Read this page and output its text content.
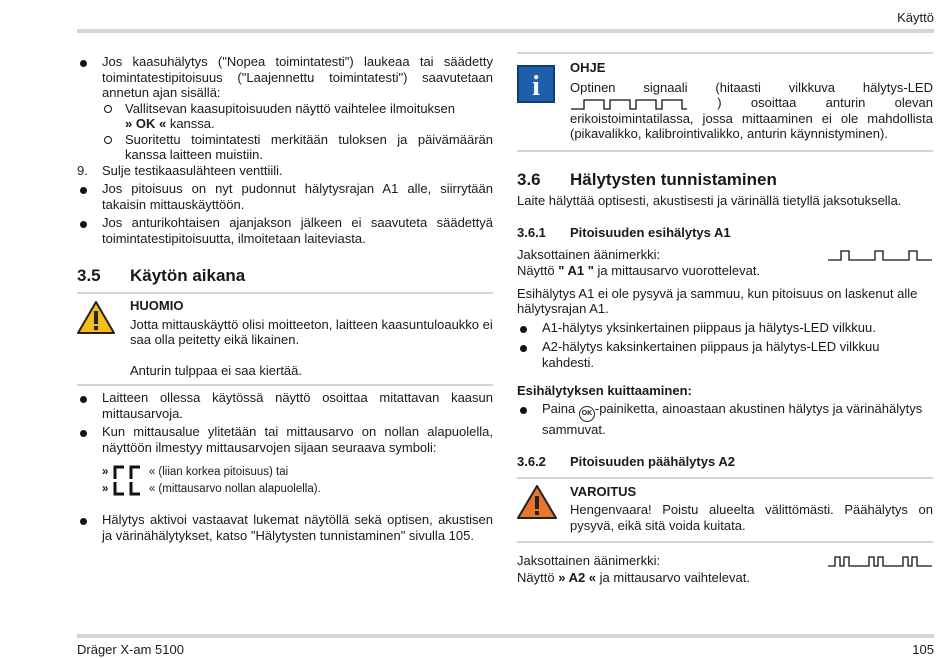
Käyttö
Jos kaasuhälytys ("Nopea toimintatesti") laukeaa tai säädetty toimintatestipitoisuus ("Laajennettu toimintatesti") saavutetaan annetun ajan sisällä:
Vallitsevan kaasupitoisuuden näyttö vaihtelee ilmoituksen
» OK « kanssa.
Suoritettu toimintatesti merkitään tuloksen ja päivämäärän kanssa laitteen muistiin.
9. Sulje testikaasulähteen venttiili.
Jos pitoisuus on nyt pudonnut hälytysrajan A1 alle, siirrytään takaisin mittauskäyttöön.
Jos anturikohtaisen ajanjakson jälkeen ei saavuteta säädettyä toimintatestipitoisuutta, ilmoitetaan laiteviasta.
3.5 Käytön aikana

HUOMIO

Jotta mittauskäyttö olisi moitteeton, laitteen kaasuntuloaukko ei saa olla peitetty eikä likainen.

Anturin tulppaa ei saa kiertää.

Laitteen ollessa käytössä näyttö osoittaa mitattavan kaasun mittausarvoja.
Kun mittausalue ylitetään tai mittausarvo on nollan alapuolella, näyttöön ilmestyy mittausarvojen sijaan seuraava symboli:
»	« (liian korkea pitoisuus) tai
»	« (mittausarvo nollan alapuolella).
Hälytys aktivoi vastaavat lukemat näytöllä sekä optisen, akustisen ja värinähälytykset, katso "Hälytysten tunnistaminen" sivulla 105.
i

OHJE

Optinen signaali (hitaasti vilkkuva hälytys-LED  ) osoittaa anturin olevan erikoistoimintatilassa, jossa mittaaminen ei ole mahdollista (pikavalikko, kalibrointivalikko, anturin käynnistyminen).

3.6 Hälytysten tunnistaminen

Laite hälyttää optisesti, akustisesti ja värinällä tietyllä jaksotuksella.

3.6.1 Pitoisuuden esihälytys A1
Jaksottainen äänimerkki:

Näyttö " A1 " ja mittausarvo vuorottelevat.

Esihälytys A1 ei ole pysyvä ja sammuu, kun pitoisuus on laskenut alle hälytysrajan A1.

A1-hälytys yksinkertainen piippaus ja hälytys-LED vilkkuu.
A2-hälytys kaksinkertainen piippaus ja hälytys-LED vilkkuu kahdesti.

Esihälytyksen kuittaaminen:

Paina OK -painiketta, ainoastaan akustinen hälytys ja värinähälytys sammuvat.
3.6.2 Pitoisuuden päähälytys A2

VAROITUS

Hengenvaara! Poistu alueelta välittömästi. Päähälytys on pysyvä, eikä sitä voida kuitata.

Jaksottainen äänimerkki:

Näyttö » A2 « ja mittausarvo vaihtelevat.

Dräger X-am 5100	105
